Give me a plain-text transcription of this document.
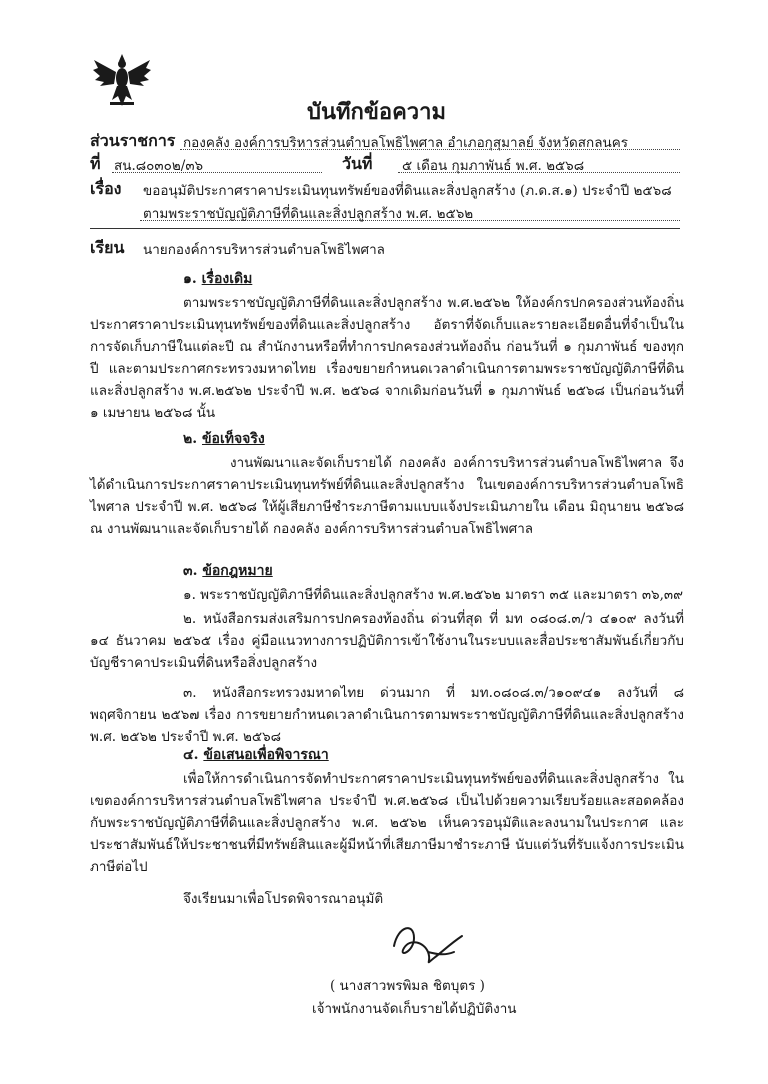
บันทึกข้อความ
ส่วนราชการ กองคลัง องค์การบริหารส่วนตำบลโพธิไพศาล อำเภอกุสุมาลย์ จังหวัดสกลนคร
ที่ สน.๘๐๓๐๒/๓๖	วันที่ ๕ เดือน กุมภาพันธ์ พ.ศ. ๒๕๖๘
เรื่อง ขออนุมัติประกาศราคาประเมินทุนทรัพย์ของที่ดินและสิ่งปลูกสร้าง (ภ.ด.ส.๑) ประจำปี ๒๕๖๘
ตามพระราชบัญญัติภาษีที่ดินและสิ่งปลูกสร้าง พ.ศ. ๒๕๖๒
เรียน นายกองค์การบริหารส่วนตำบลโพธิไพศาล
๑. เรื่องเดิม
ตามพระราชบัญญัติภาษีที่ดินและสิ่งปลูกสร้าง พ.ศ.๒๕๖๒ ให้องค์กรปกครองส่วนท้องถิ่นประกาศราคาประเมินทุนทรัพย์ของที่ดินและสิ่งปลูกสร้าง อัตราที่จัดเก็บและรายละเอียดอื่นที่จำเป็นในการจัดเก็บภาษีในแต่ละปี ณ สำนักงานหรือที่ทำการปกครองส่วนท้องถิ่น ก่อนวันที่ ๑ กุมภาพันธ์ ของทุกปี และตามประกาศกระทรวงมหาดไทย เรื่องขยายกำหนดเวลาดำเนินการตามพระราชบัญญัติภาษีที่ดินและสิ่งปลูกสร้าง พ.ศ.๒๕๖๒ ประจำปี พ.ศ. ๒๕๖๘ จากเดิมก่อนวันที่ ๑ กุมภาพันธ์ ๒๕๖๘ เป็นก่อนวันที่ ๑ เมษายน ๒๕๖๘ นั้น
๒. ข้อเท็จจริง
งานพัฒนาและจัดเก็บรายได้ กองคลัง องค์การบริหารส่วนตำบลโพธิไพศาล จึงได้ดำเนินการประกาศราคาประเมินทุนทรัพย์ที่ดินและสิ่งปลูกสร้าง ในเขตองค์การบริหารส่วนตำบลโพธิไพศาล ประจำปี พ.ศ. ๒๕๖๘ ให้ผู้เสียภาษีชำระภาษีตามแบบแจ้งประเมินภายใน เดือน มิถุนายน ๒๕๖๘ ณ งานพัฒนาและจัดเก็บรายได้ กองคลัง องค์การบริหารส่วนตำบลโพธิไพศาล
๓. ข้อกฎหมาย
๑. พระราชบัญญัติภาษีที่ดินและสิ่งปลูกสร้าง พ.ศ.๒๕๖๒ มาตรา ๓๕ และมาตรา ๓๖,๓๙
๒. หนังสือกรมส่งเสริมการปกครองท้องถิ่น ด่วนที่สุด ที่ มท ๐๘๐๘.๓/ว ๔๑๐๙ ลงวันที่ ๑๔ ธันวาคม ๒๕๖๕ เรื่อง คู่มือแนวทางการปฏิบัติการเข้าใช้งานในระบบและสื่อประชาสัมพันธ์เกี่ยวกับบัญชีราคาประเมินที่ดินหรือสิ่งปลูกสร้าง
๓. หนังสือกระทรวงมหาดไทย ด่วนมาก ที่ มท.๐๘๐๘.๓/ว๑๐๙๔๑ ลงวันที่ ๘ พฤศจิกายน ๒๕๖๗ เรื่อง การขยายกำหนดเวลาดำเนินการตามพระราชบัญญัติภาษีที่ดินและสิ่งปลูกสร้าง พ.ศ. ๒๕๖๒ ประจำปี พ.ศ. ๒๕๖๘
๔. ข้อเสนอเพื่อพิจารณา
เพื่อให้การดำเนินการจัดทำประกาศราคาประเมินทุนทรัพย์ของที่ดินและสิ่งปลูกสร้าง ในเขตองค์การบริหารส่วนตำบลโพธิไพศาล ประจำปี พ.ศ.๒๕๖๘ เป็นไปด้วยความเรียบร้อยและสอดคล้องกับพระราชบัญญัติภาษีที่ดินและสิ่งปลูกสร้าง พ.ศ. ๒๕๖๒ เห็นควรอนุมัติและลงนามในประกาศ และประชาสัมพันธ์ให้ประชาชนที่มีทรัพย์สินและผู้มีหน้าที่เสียภาษีมาชำระภาษี นับแต่วันที่รับแจ้งการประเมินภาษีต่อไป
จึงเรียนมาเพื่อโปรดพิจารณาอนุมัติ
( นางสาวพรพิมล ชิตบุตร )
เจ้าพนักงานจัดเก็บรายได้ปฏิบัติงาน
